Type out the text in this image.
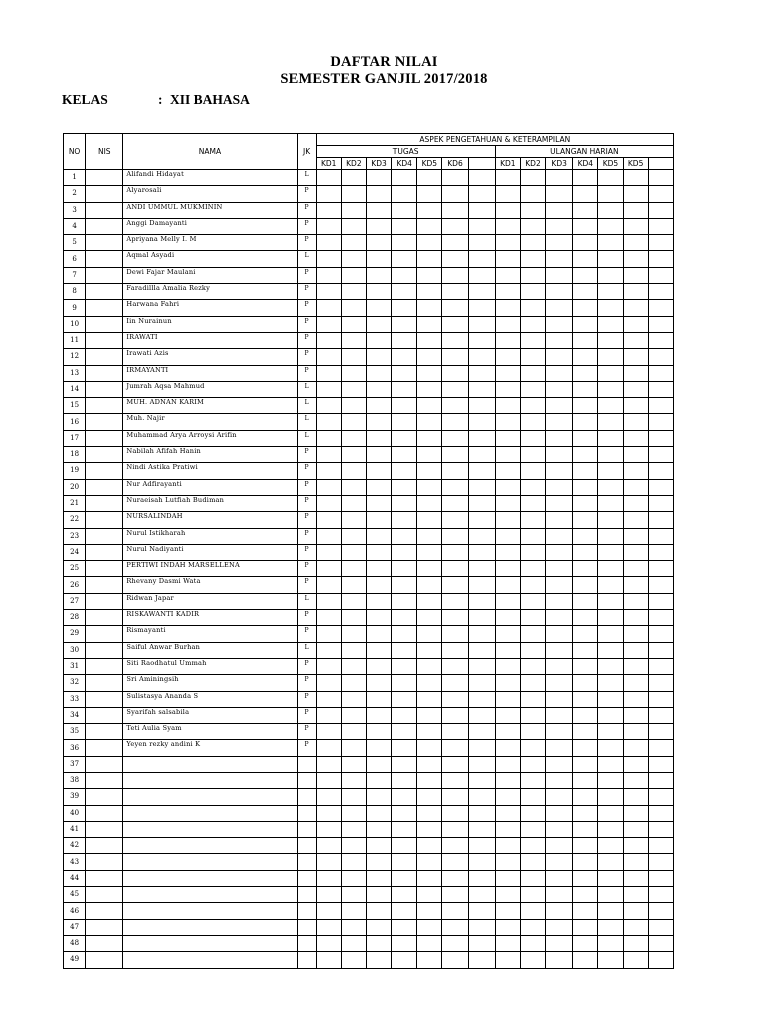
DAFTAR NILAI
SEMESTER GANJIL 2017/2018
KELAS	: XII BAHASA
NO	NIS	NAMA	JK	ASPEK PENGETAHUAN & KETERAMPILAN													
				TUGAS							ULANGAN HARIAN						
				KD1	KD2	KD3	KD4	KD5	KD6		KD1	KD2	KD3	KD4	KD5	KD5	
1		Alifandi Hidayat	L														
2		Alyarosali	P														
3		ANDI UMMUL MUKMININ	P														
4		Anggi Damayanti	P														
5		Apriyana Melly I. M	P														
6		Aqmal Asyadi	L														
7		Dewi Fajar Maulani	P														
8		Faradillla Amalia Rezky	P														
9		Harwana Fahri	P														
10		Iin Nurainun	P														
11		IRAWATI	P														
12		Irawati Azis	P														
13		IRMAYANTI	P														
14		Jumrah Aqsa Mahmud	L														
15		MUH. ADNAN KARIM	L														
16		Muh. Najir	L														
17		Muhammad Arya Arroysi Arifin	L														
18		Nabilah Afifah Hanin	P														
19		Nindi Astika Pratiwi	P														
20		Nur Adfirayanti	P														
21		Nuraeisah Lutfiah Budiman	P														
22		NURSALINDAH	P														
23		Nurul Istikharah	P														
24		Nurul Nadiyanti	P														
25		PERTIWI INDAH MARSELLENA	P														
26		Rhevany Dasmi Wata	P														
27		Ridwan Japar	L														
28		RISKAWANTI KADIR	P														
29		Rismayanti	P														
30		Saiful Anwar Burhan	L														
31		Siti Raodhatul Ummah	P														
32		Sri Aminingsih	P														
33		Sulistasya Ananda S	P														
34		Syarifah salsabila	P														
35		Teti Aulia Syam	P														
36		Yeyen rezky andini K	P														
37																	
38																	
39																	
40																	
41																	
42																	
43																	
44																	
45																	
46																	
47																	
48																	
49																	
